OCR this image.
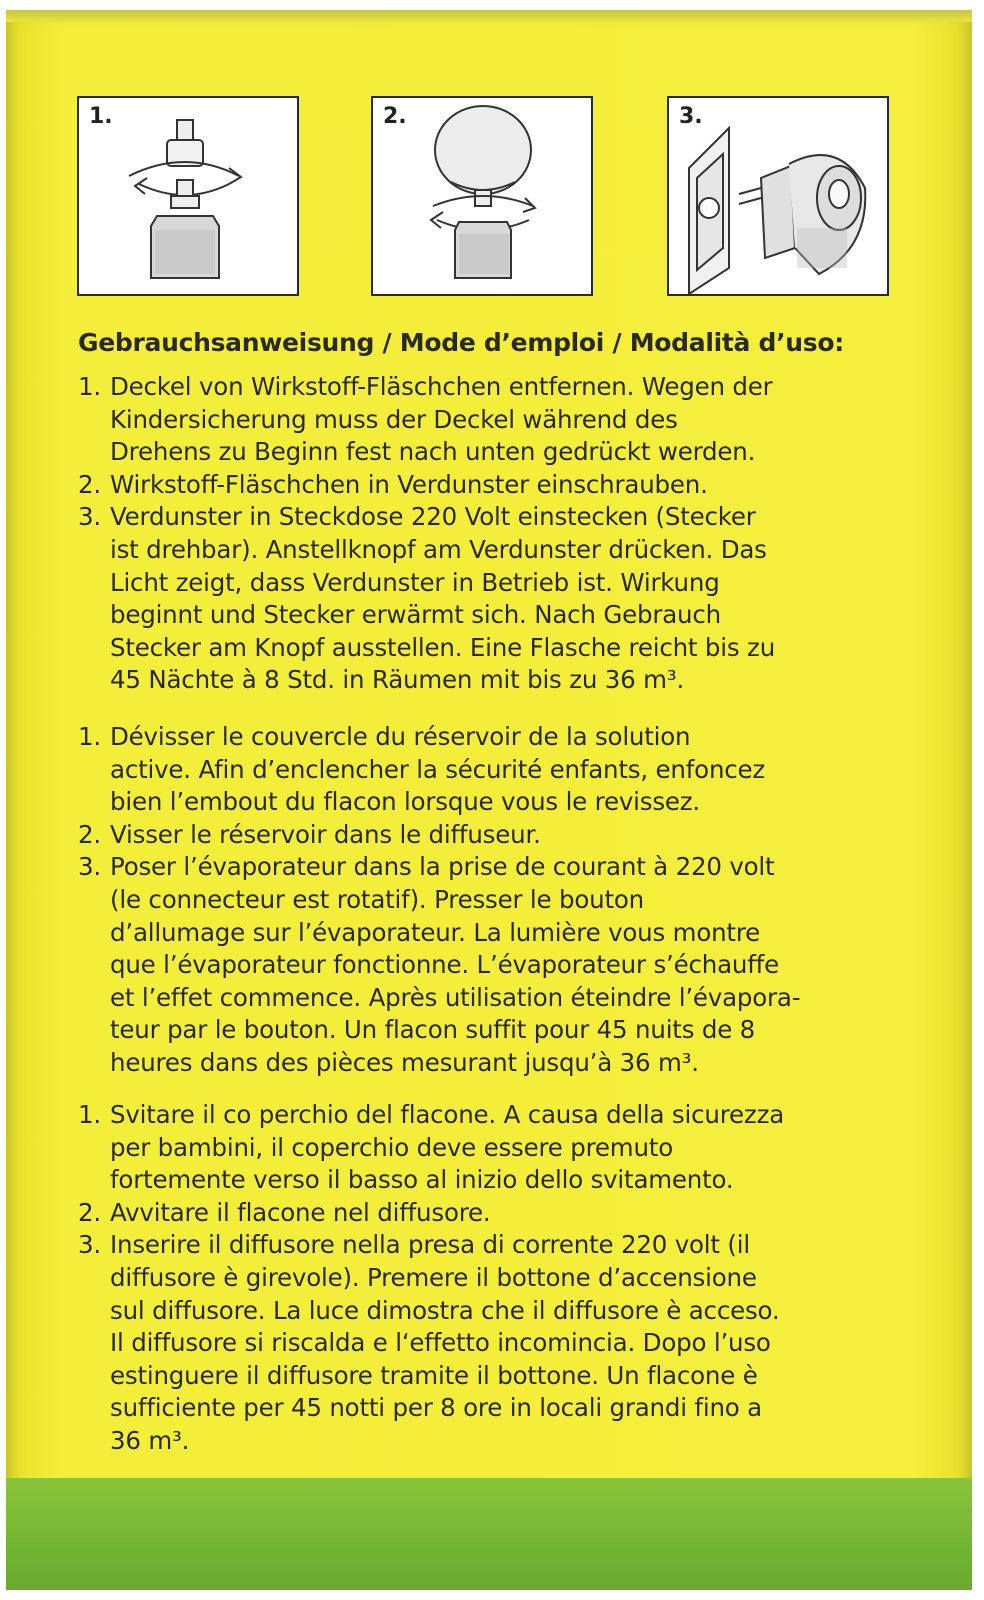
1.	2.	3.
Gebrauchsanweisung / Mode d’emploi / Modalità d’uso:
1. Deckel von Wirkstoff-Fläschchen entfernen. Wegen der
Kindersicherung muss der Deckel während des
Drehens zu Beginn fest nach unten gedrückt werden.
2. Wirkstoff-Fläschchen in Verdunster einschrauben.
3. Verdunster in Steckdose 220 Volt einstecken (Stecker
ist drehbar). Anstellknopf am Verdunster drücken. Das
Licht zeigt, dass Verdunster in Betrieb ist. Wirkung
beginnt und Stecker erwärmt sich. Nach Gebrauch
Stecker am Knopf ausstellen. Eine Flasche reicht bis zu
45 Nächte à 8 Std. in Räumen mit bis zu 36 m³.
1. Dévisser le couvercle du réservoir de la solution
active. Afin d’enclencher la sécurité enfants, enfoncez
bien l’embout du flacon lorsque vous le revissez.
2. Visser le réservoir dans le diffuseur.
3. Poser l’évaporateur dans la prise de courant à 220 volt
(le connecteur est rotatif). Presser le bouton
d’allumage sur l’évaporateur. La lumière vous montre
que l’évaporateur fonctionne. L’évaporateur s’échauffe
et l’effet commence. Après utilisation éteindre l’évapora-
teur par le bouton. Un flacon suffit pour 45 nuits de 8
heures dans des pièces mesurant jusqu’à 36 m³.
1. Svitare il co perchio del flacone. A causa della sicurezza
per bambini, il coperchio deve essere premuto
fortemente verso il basso al inizio dello svitamento.
2. Avvitare il flacone nel diffusore.
3. Inserire il diffusore nella presa di corrente 220 volt (il
diffusore è girevole). Premere il bottone d’accensione
sul diffusore. La luce dimostra che il diffusore è acceso.
Il diffusore si riscalda e l‘effetto incomincia. Dopo l’uso
estinguere il diffusore tramite il bottone. Un flacone è
sufficiente per 45 notti per 8 ore in locali grandi fino a
36 m³.
